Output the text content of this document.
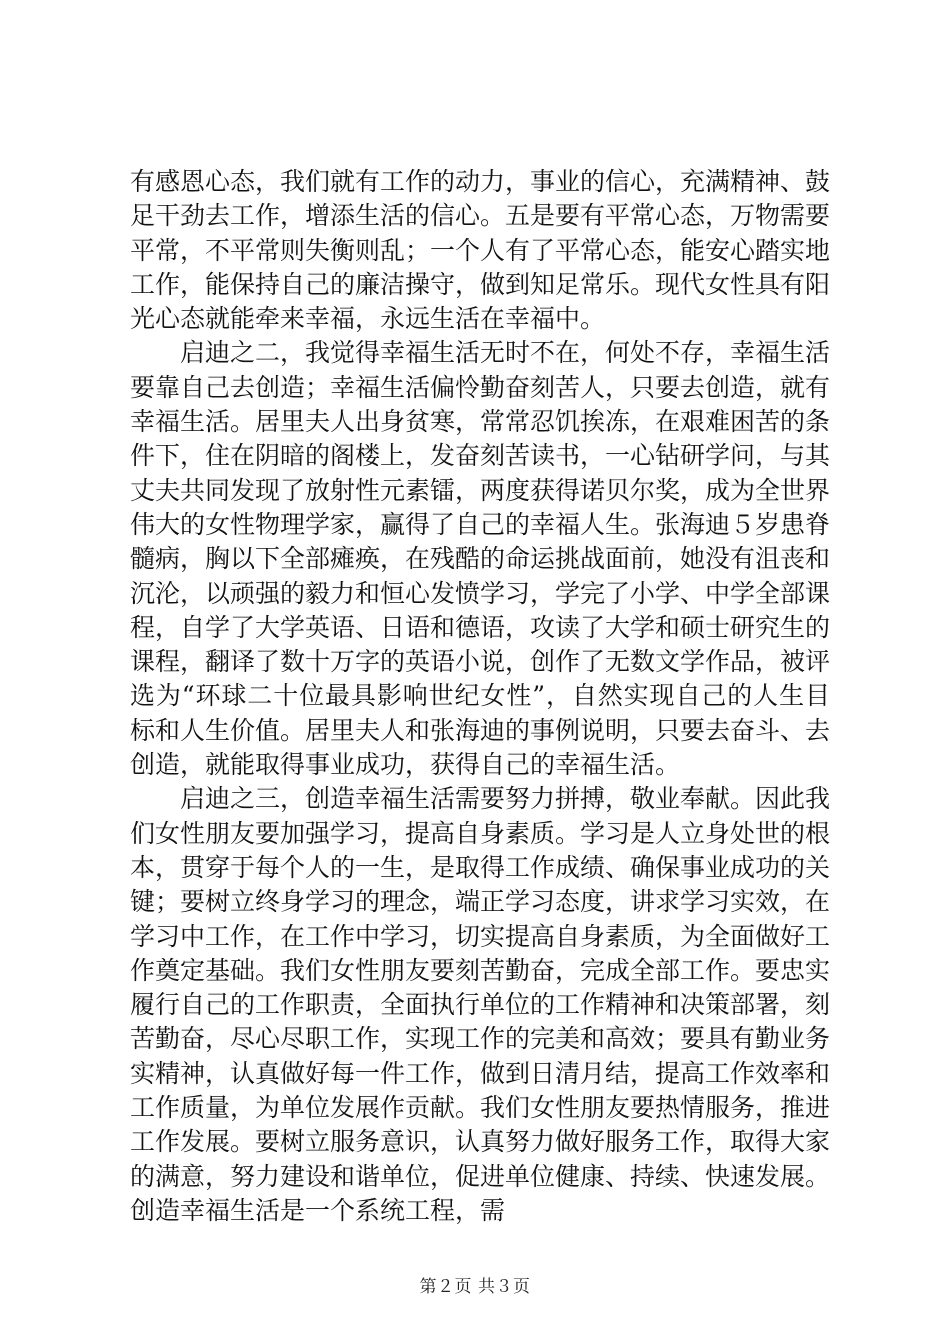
有感恩心态，我们就有工作的动力，事业的信心，充满精神、鼓足干劲去工作，增添生活的信心。五是要有平常心态，万物需要平常，不平常则失衡则乱；一个人有了平常心态，能安心踏实地工作，能保持自己的廉洁操守，做到知足常乐。现代女性具有阳光心态就能牵来幸福，永远生活在幸福中。

启迪之二，我觉得幸福生活无时不在，何处不存，幸福生活要靠自己去创造；幸福生活偏怜勤奋刻苦人，只要去创造，就有幸福生活。居里夫人出身贫寒，常常忍饥挨冻，在艰难困苦的条件下，住在阴暗的阁楼上，发奋刻苦读书，一心钻研学问，与其丈夫共同发现了放射性元素镭，两度获得诺贝尔奖，成为全世界伟大的女性物理学家，赢得了自己的幸福人生。张海迪５岁患脊髓病，胸以下全部瘫痪，在残酷的命运挑战面前，她没有沮丧和沉沦，以顽强的毅力和恒心发愤学习，学完了小学、中学全部课程，自学了大学英语、日语和德语，攻读了大学和硕士研究生的课程，翻译了数十万字的英语小说，创作了无数文学作品，被评选为“环球二十位最具影响世纪女性”，自然实现自己的人生目标和人生价值。居里夫人和张海迪的事例说明，只要去奋斗、去创造，就能取得事业成功，获得自己的幸福生活。

启迪之三，创造幸福生活需要努力拼搏，敬业奉献。因此我们女性朋友要加强学习，提高自身素质。学习是人立身处世的根本，贯穿于每个人的一生，是取得工作成绩、确保事业成功的关键；要树立终身学习的理念，端正学习态度，讲求学习实效，在学习中工作，在工作中学习，切实提高自身素质，为全面做好工作奠定基础。我们女性朋友要刻苦勤奋，完成全部工作。要忠实履行自己的工作职责，全面执行单位的工作精神和决策部署，刻苦勤奋，尽心尽职工作，实现工作的完美和高效；要具有勤业务实精神，认真做好每一件工作，做到日清月结，提高工作效率和工作质量，为单位发展作贡献。我们女性朋友要热情服务，推进工作发展。要树立服务意识，认真努力做好服务工作，取得大家的满意，努力建设和谐单位，促进单位健康、持续、快速发展。创造幸福生活是一个系统工程，需

第２页 共３页
